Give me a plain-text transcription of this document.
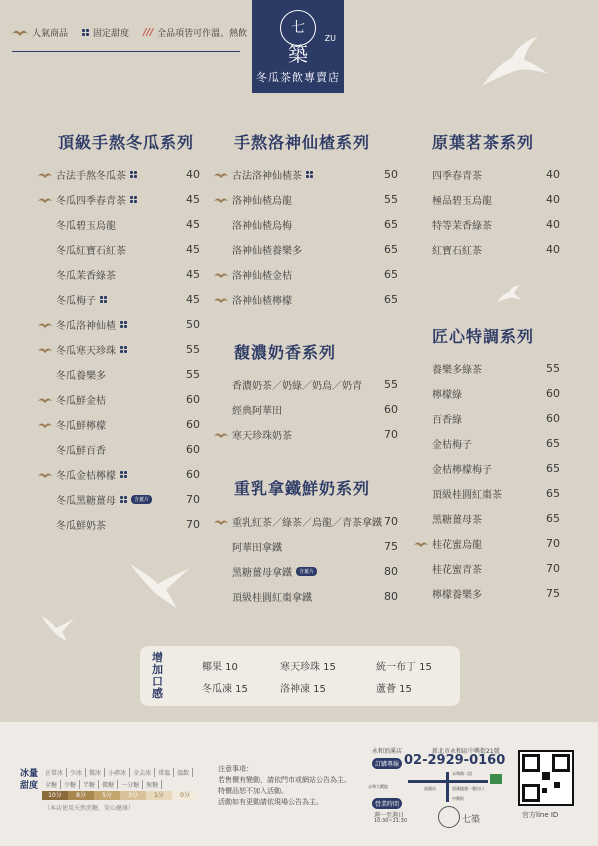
人氣商品	固定甜度 /// 全品項皆可作溫、熱飲	七
築
ZU
冬瓜茶飲專賣店
頂級手熬冬瓜系列
古法手熬冬瓜茶	40
冬瓜四季春青茶	45
冬瓜碧玉烏龍	45
冬瓜紅寶石紅茶	45
冬瓜茉香綠茶	45
冬瓜梅子	45
冬瓜洛神仙楂	50
冬瓜寒天珍珠	55
冬瓜養樂多	55
冬瓜鮮金桔	60
冬瓜鮮檸檬	60
冬瓜鮮百香	60
冬瓜金桔檸檬	60
冬瓜黑糖薑母	含薑片	70
冬瓜鮮奶茶	70
手熬洛神仙楂系列
古法洛神仙楂茶	50
洛神仙楂烏龍	55
洛神仙楂烏梅	65
洛神仙楂養樂多	65
洛神仙楂金桔	65
洛神仙楂檸檬	65
馥濃奶香系列
香濃奶茶／奶綠／奶烏／奶青	55
經典阿華田	60
寒天珍珠奶茶	70
重乳拿鐵鮮奶系列
重乳紅茶／綠茶／烏龍／青茶拿鐵 70
阿華田拿鐵	75
黑糖薑母拿鐵	含薑片	80
頂級桂圓紅棗拿鐵	80
原葉茗茶系列
四季春青茶	40
極品碧玉烏龍	40
特等茉香綠茶	40
紅寶石紅茶	40
匠心特調系列
養樂多綠茶	55
檸檬綠	60
百香綠	60
金桔梅子	65
金桔檸檬梅子	65
頂級桂圓紅棗茶	65
黑糖薑母茶	65
桂花蜜烏龍	70
桂花蜜青茶	70
檸檬養樂多	75
增加口感
椰果 10	寒天珍珠 15	統一布丁 15
冬瓜凍 15	洛神凍 15	蘆薈 15
冰量	正常冰	少冰	微冰	小碎冰	全去冰	常溫	溫飲
甜度	全糖	少糖	半糖	微糖	一分糖	無糖
10分	8分	5分	3分	1分	0分
（本店使用天然蔗糖，安心健康）
注意事項：
若售價有變動，請依門市或網站公告為主。
特價品恕不加入活動。
活動如有更動請依現場公告為主。
永和頂溪店	新北市永和區中興街21號
訂購專線 02-2929-0160
永和路二段
頂溪站
中興街
頂溪捷運一號出口
永和大戲院
營業時間
週一至週日
10:30~21:30	七築	官方line ID
